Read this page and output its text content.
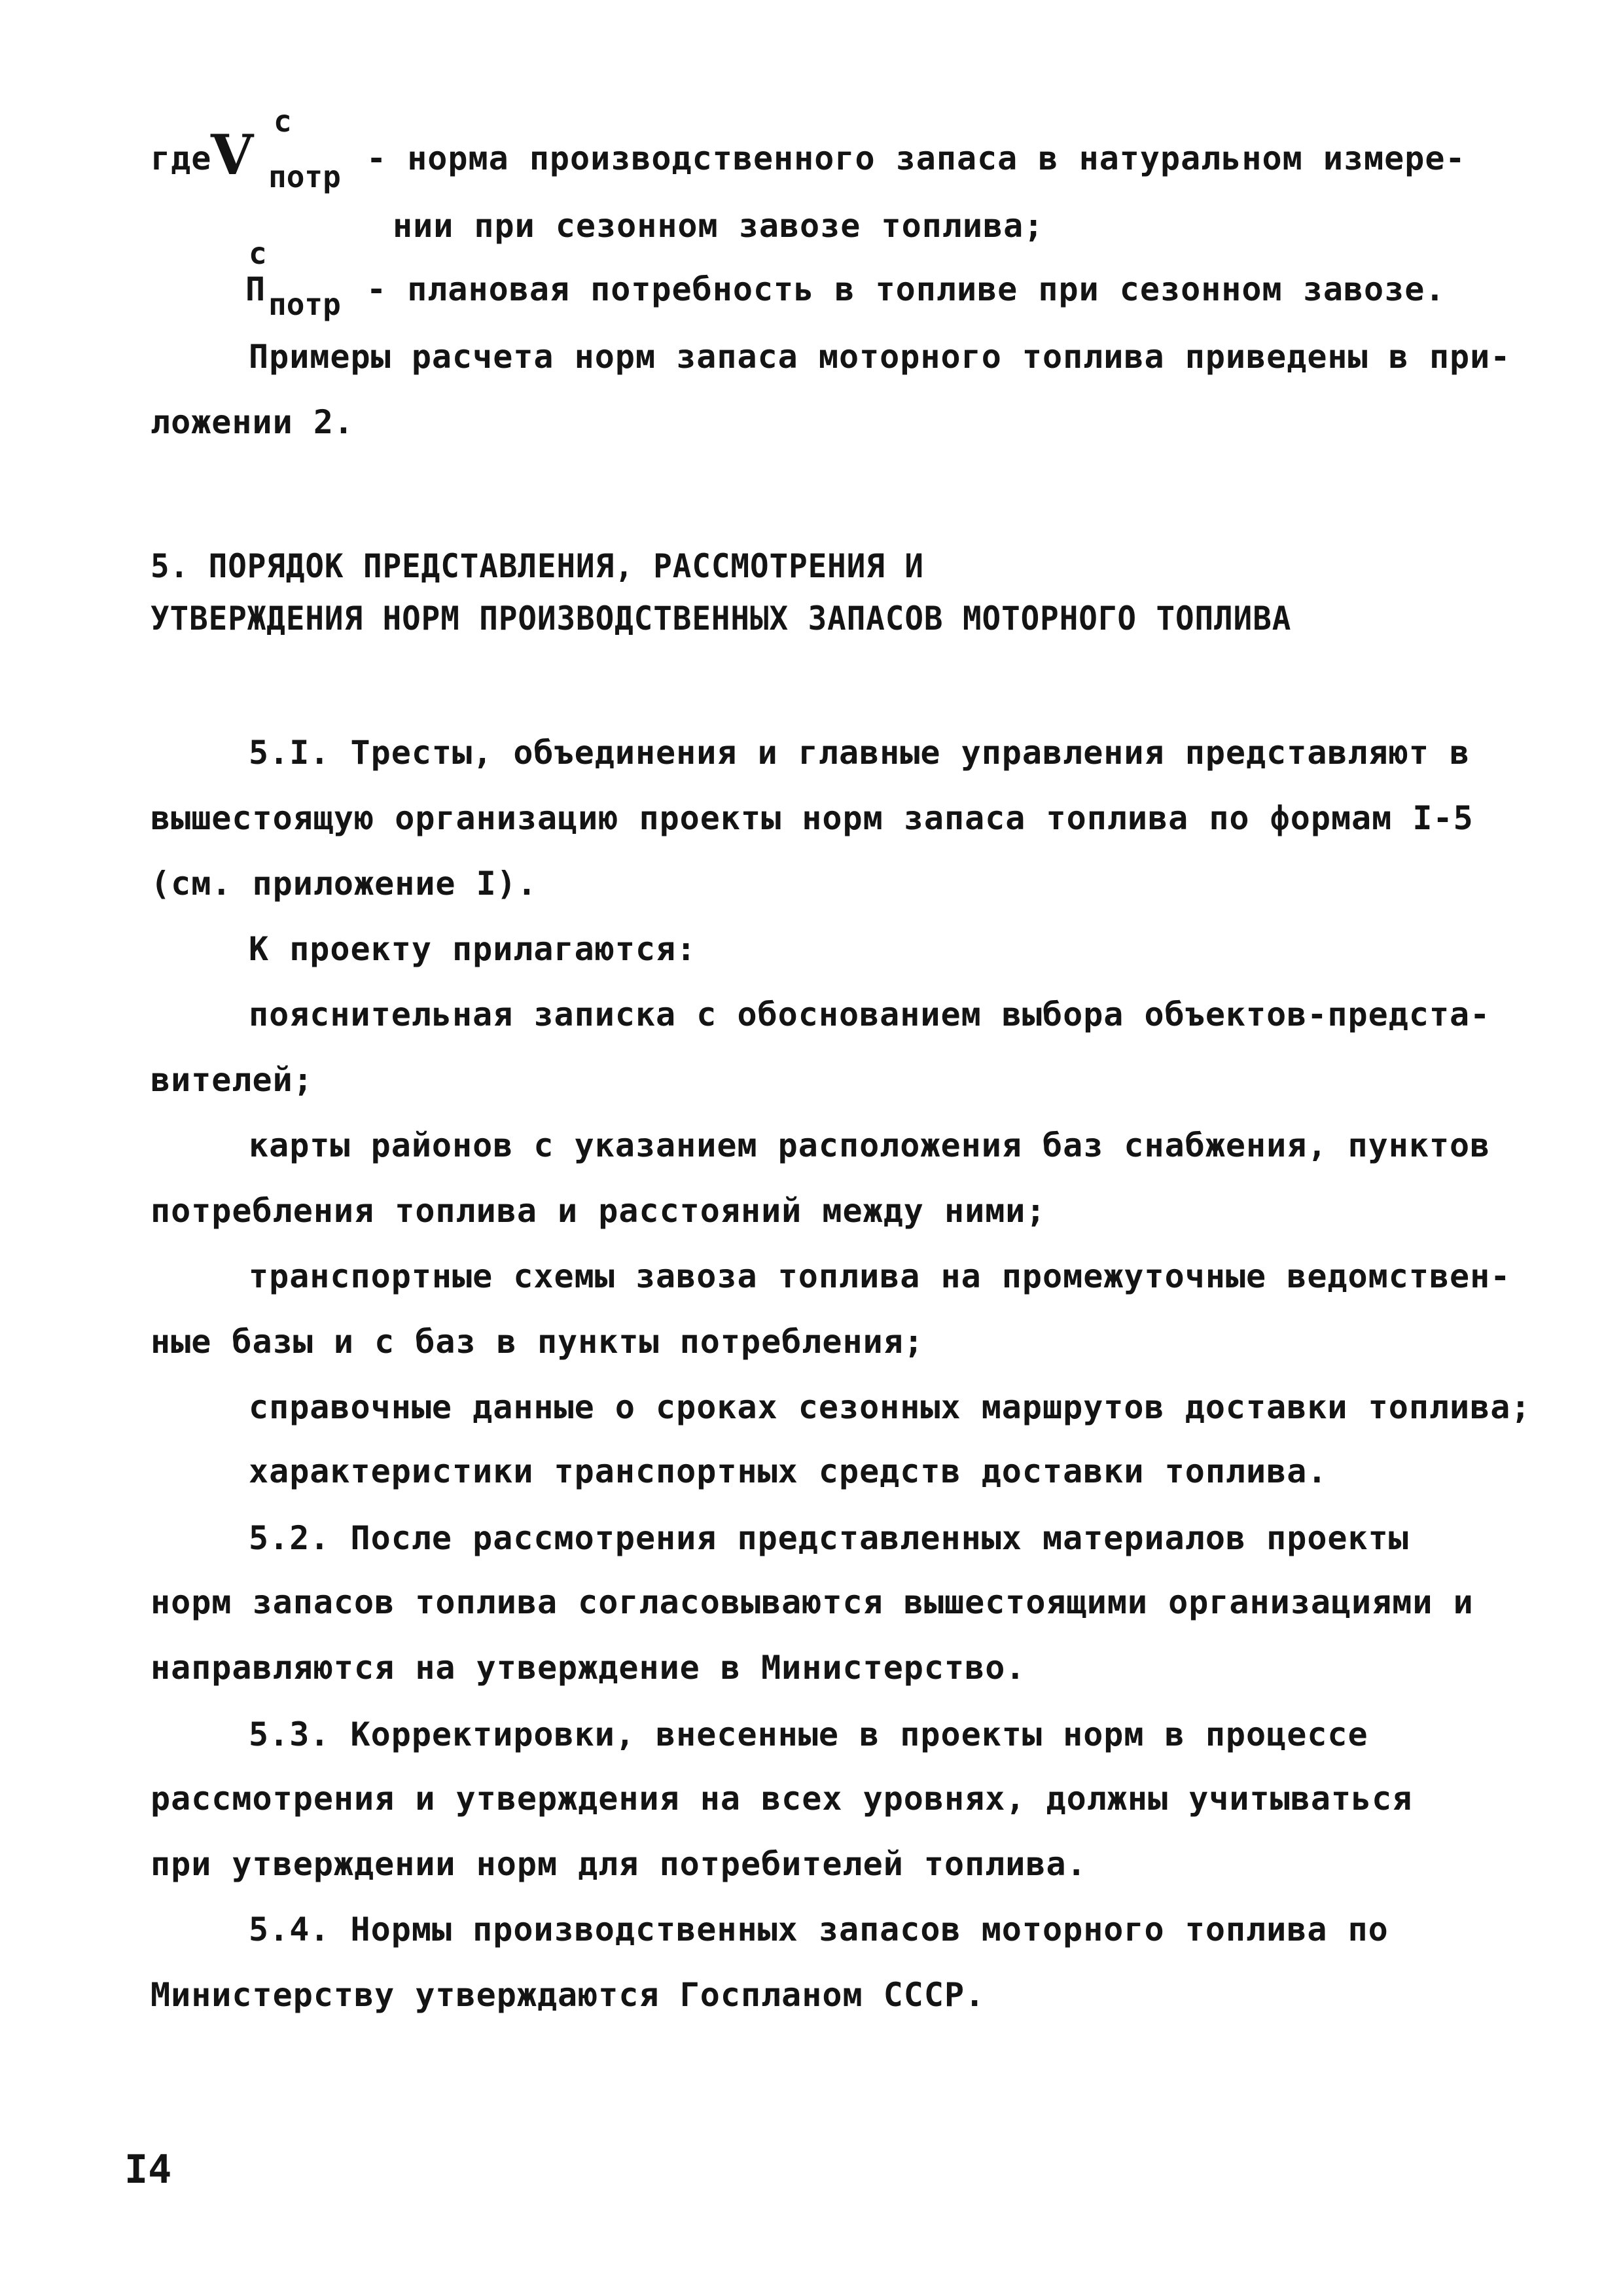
где
V
с
потр - норма производственного запаса в натуральном измере-
нии при сезонном завозе топлива;
с
П потр - плановая потребность в топливе при сезонном завозе.
Примеры расчета норм запаса моторного топлива приведены в при-
ложении 2.
5. ПОРЯДОК ПРЕДСТАВЛЕНИЯ, РАССМОТРЕНИЯ И
УТВЕРЖДЕНИЯ НОРМ ПРОИЗВОДСТВЕННЫХ ЗАПАСОВ МОТОРНОГО ТОПЛИВА
5.I. Тресты, объединения и главные управления представляют в
вышестоящую организацию проекты норм запаса топлива по формам I-5
(см. приложение I).
К проекту прилагаются:
пояснительная записка с обоснованием выбора объектов-предста-
вителей;
карты районов с указанием расположения баз снабжения, пунктов
потребления топлива и расстояний между ними;
транспортные схемы завоза топлива на промежуточные ведомствен-
ные базы и с баз в пункты потребления;
справочные данные о сроках сезонных маршрутов доставки топлива;
характеристики транспортных средств доставки топлива.
5.2. После рассмотрения представленных материалов проекты
норм запасов топлива согласовываются вышестоящими организациями и
направляются на утверждение в Министерство.
5.3. Корректировки, внесенные в проекты норм в процессе
рассмотрения и утверждения на всех уровнях, должны учитываться
при утверждении норм для потребителей топлива.
5.4. Нормы производственных запасов моторного топлива по
Министерству утверждаются Госпланом СССР.
I4
